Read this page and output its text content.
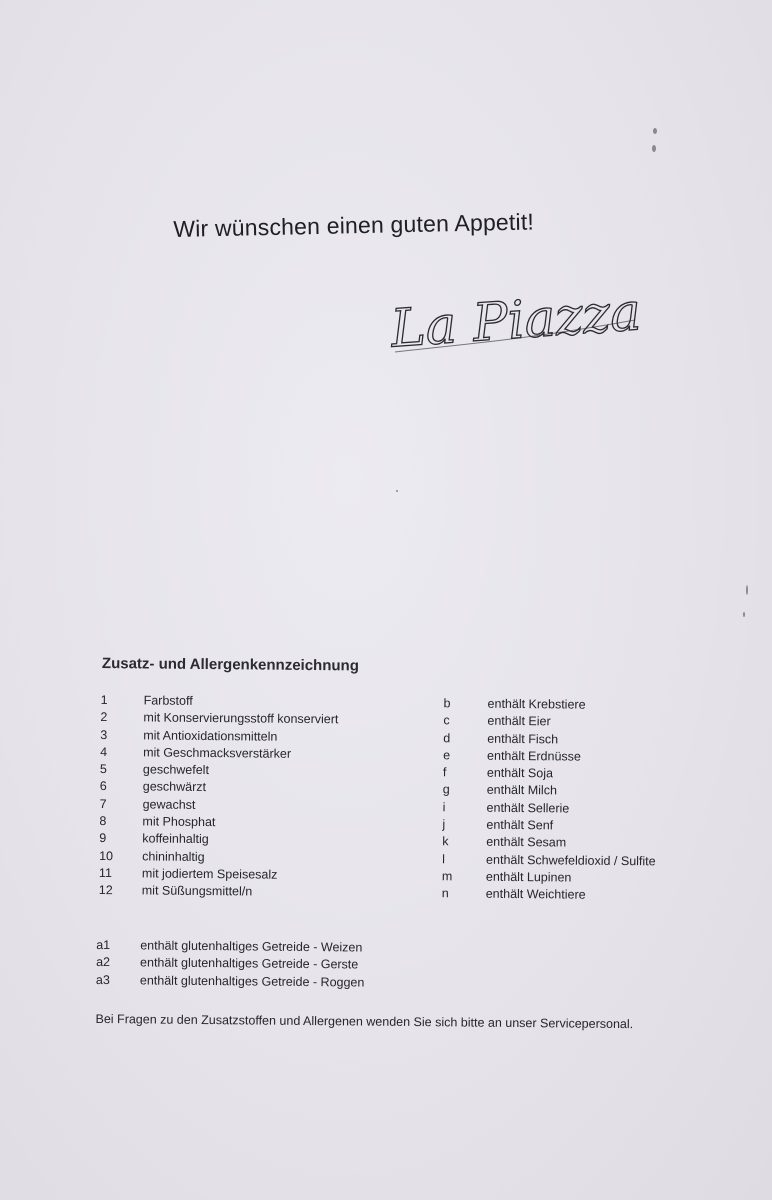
Wir wünschen einen guten Appetit!
La Piazza
Zusatz- und Allergenkennzeichnung
1	Farbstoff
2	mit Konservierungsstoff konserviert
3	mit Antioxidationsmitteln
4	mit Geschmacksverstärker
5	geschwefelt
6	geschwärzt
7	gewachst
8	mit Phosphat
9	koffeinhaltig
10 chininhaltig
11 mit jodiertem Speisesalz
12 mit Süßungsmittel/n
b	enthält Krebstiere
c	enthält Eier
d	enthält Fisch
e	enthält Erdnüsse
f	enthält Soja
g	enthält Milch
i	enthält Sellerie
j	enthält Senf
k	enthält Sesam
l	enthält Schwefeldioxid / Sulfite
m	enthält Lupinen
n	enthält Weichtiere
a1 enthält glutenhaltiges Getreide - Weizen
a2 enthält glutenhaltiges Getreide - Gerste
a3 enthält glutenhaltiges Getreide - Roggen
Bei Fragen zu den Zusatzstoffen und Allergenen wenden Sie sich bitte an unser Servicepersonal.
